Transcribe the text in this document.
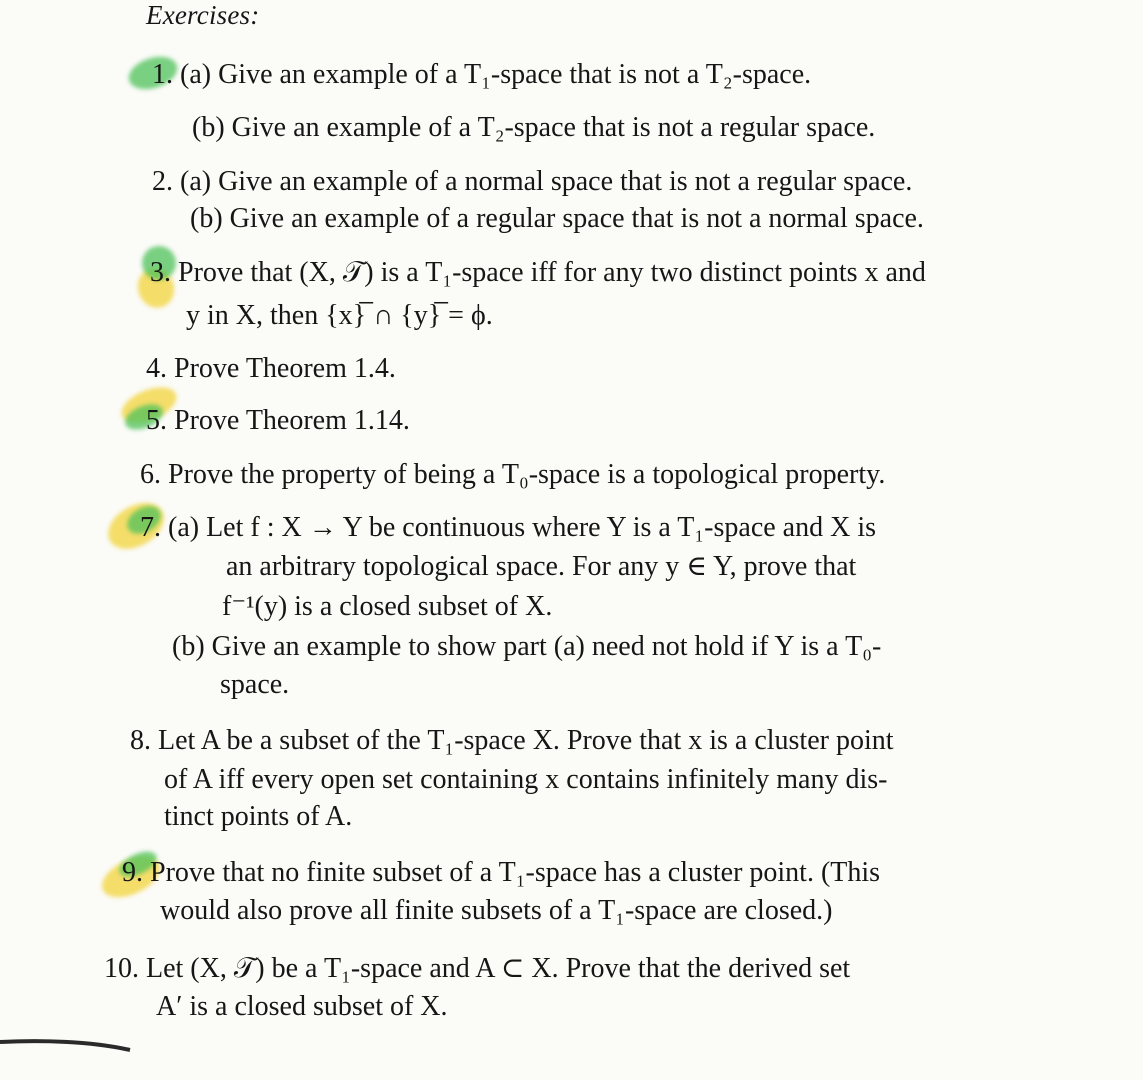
Exercises:
1. (a) Give an example of a T₁-space that is not a T₂-space.
(b) Give an example of a T₂-space that is not a regular space.
2. (a) Give an example of a normal space that is not a regular space.
(b) Give an example of a regular space that is not a normal space.
3. Prove that (X, 𝒯) is a T₁-space iff for any two distinct points x and
y in X, then {x}̅ ∩ {y}̅ = ϕ.
4. Prove Theorem 1.4.
5. Prove Theorem 1.14.
6. Prove the property of being a T₀-space is a topological property.
7. (a) Let f : X → Y be continuous where Y is a T₁-space and X is
an arbitrary topological space. For any y ∈ Y, prove that
f⁻¹(y) is a closed subset of X.
(b) Give an example to show part (a) need not hold if Y is a T₀-
space.
8. Let A be a subset of the T₁-space X. Prove that x is a cluster point
of A iff every open set containing x contains infinitely many dis-
tinct points of A.
9. Prove that no finite subset of a T₁-space has a cluster point. (This
would also prove all finite subsets of a T₁-space are closed.)
10. Let (X, 𝒯) be a T₁-space and A ⊂ X. Prove that the derived set
A′ is a closed subset of X.
